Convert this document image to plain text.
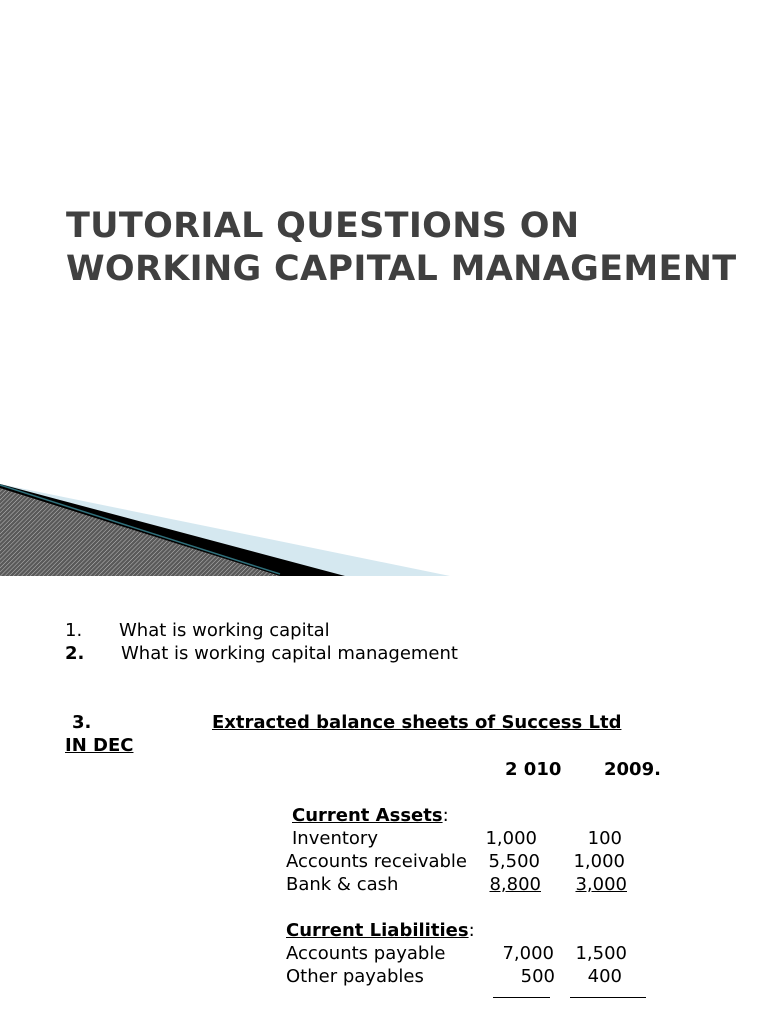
TUTORIAL QUESTIONS ON
WORKING CAPITAL MANAGEMENT
1. What is working capital
2. What is working capital management
3.	Extracted balance sheets of Success Ltd
IN DEC
2 010 2009.
Current Assets:
Inventory	1,000	100
Accounts receivable	5,500	1,000
Bank & cash	8,800	3,000
Current Liabilities:
Accounts payable	7,000	1,500
Other payables	500	400
